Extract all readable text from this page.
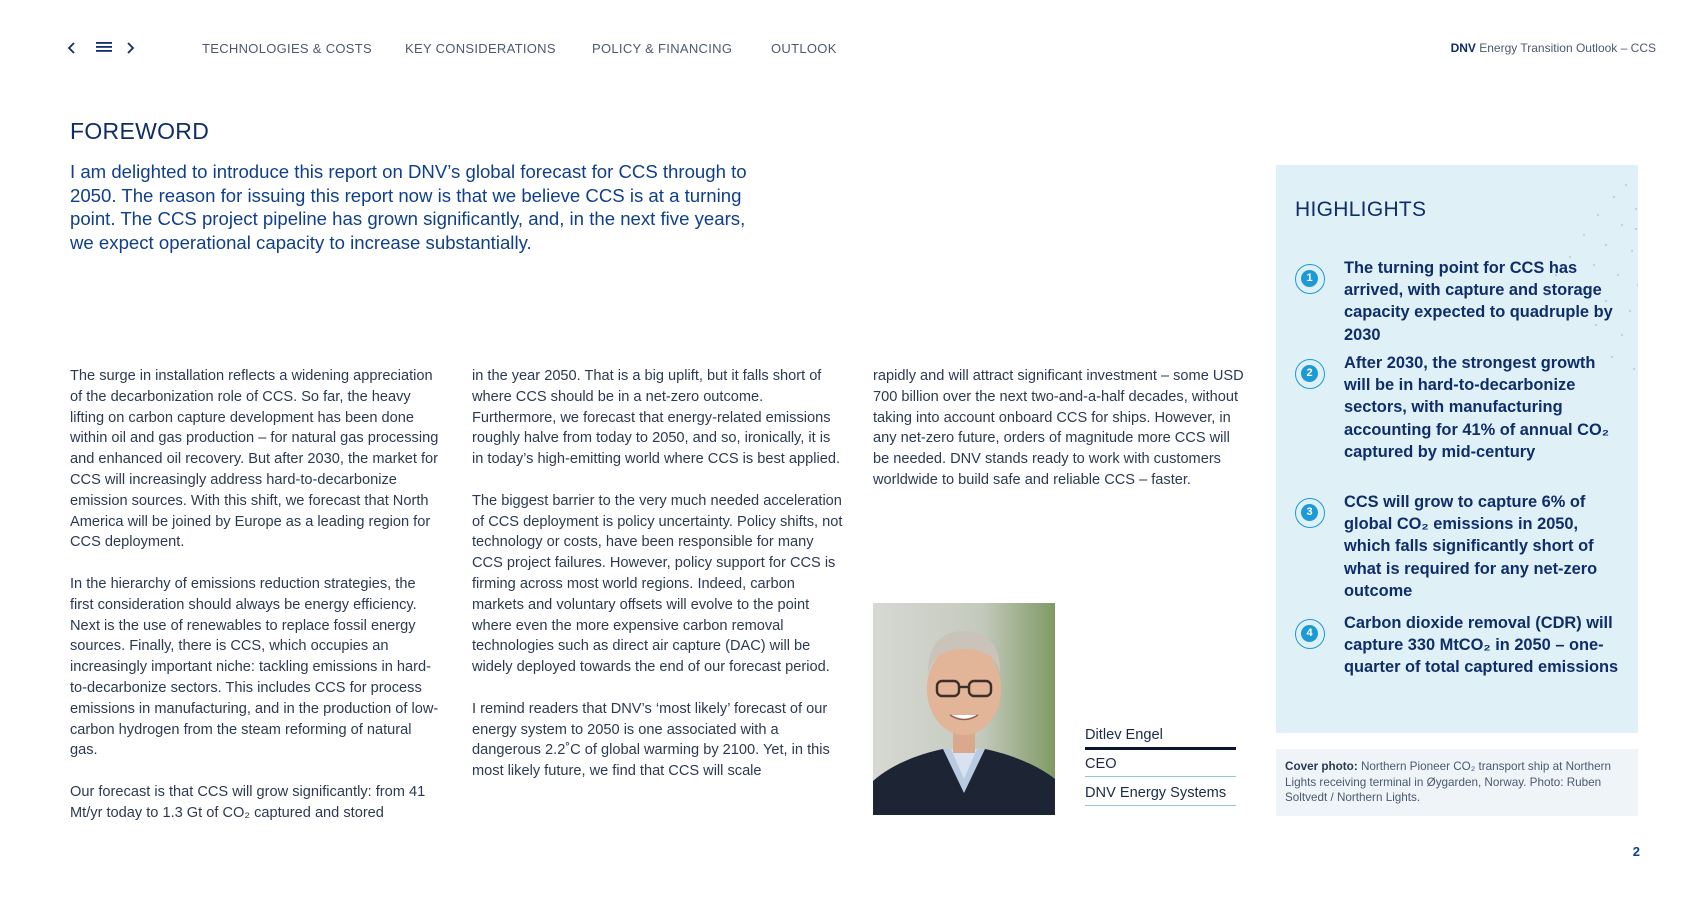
TECHNOLOGIES & COSTS	KEY CONSIDERATIONS	POLICY & FINANCING	OUTLOOK	DNV Energy Transition Outlook – CCS
FOREWORD

I am delighted to introduce this report on DNV’s global forecast for CCS through to 2050. The reason for issuing this report now is that we believe CCS is at a turning point. The CCS project pipeline has grown significantly, and, in the next five years, we expect operational capacity to increase substantially.

The surge in installation reflects a widening appreciation of the decarbonization role of CCS. So far, the heavy lifting on carbon capture development has been done within oil and gas production – for natural gas processing and enhanced oil recovery. But after 2030, the market for CCS will increasingly address hard-to-decarbonize emission sources. With this shift, we forecast that North America will be joined by Europe as a leading region for CCS deployment.

In the hierarchy of emissions reduction strategies, the first consideration should always be energy efficiency. Next is the use of renewables to replace fossil energy sources. Finally, there is CCS, which occupies an increasingly important niche: tackling emissions in hard-to-decarbonize sectors. This includes CCS for process emissions in manufacturing, and in the production of low-carbon hydrogen from the steam reforming of natural gas.

Our forecast is that CCS will grow significantly: from 41 Mt/yr today to 1.3 Gt of CO₂ captured and stored

in the year 2050. That is a big uplift, but it falls short of where CCS should be in a net-zero outcome. Furthermore, we forecast that energy-related emissions roughly halve from today to 2050, and so, ironically, it is in today’s high-emitting world where CCS is best applied.

The biggest barrier to the very much needed acceleration of CCS deployment is policy uncertainty. Policy shifts, not technology or costs, have been responsible for many CCS project failures. However, policy support for CCS is firming across most world regions. Indeed, carbon markets and voluntary offsets will evolve to the point where even the more expensive carbon removal technologies such as direct air capture (DAC) will be widely deployed towards the end of our forecast period.

I remind readers that DNV’s ‘most likely’ forecast of our energy system to 2050 is one associated with a dangerous 2.2˚C of global warming by 2100. Yet, in this most likely future, we find that CCS will scale

rapidly and will attract significant investment – some USD 700 billion over the next two-and-a-half decades, without taking into account onboard CCS for ships. However, in any net-zero future, orders of magnitude more CCS will be needed. DNV stands ready to work with customers worldwide to build safe and reliable CCS – faster.

Ditlev Engel
CEO
DNV Energy Systems
HIGHLIGHTS
1
The turning point for CCS has arrived, with capture and storage capacity expected to quadruple by 2030
2
After 2030, the strongest growth will be in hard-to-decarbonize sectors, with manufacturing accounting for 41% of annual CO₂ captured by mid-century
3
CCS will grow to capture 6% of global CO₂ emissions in 2050, which falls significantly short of what is required for any net-zero outcome
4
Carbon dioxide removal (CDR) will capture 330 MtCO₂ in 2050 – one-quarter of total captured emissions
Cover photo: Northern Pioneer CO₂ transport ship at Northern Lights receiving terminal in Øygarden, Norway. Photo: Ruben Soltvedt / Northern Lights.
2
